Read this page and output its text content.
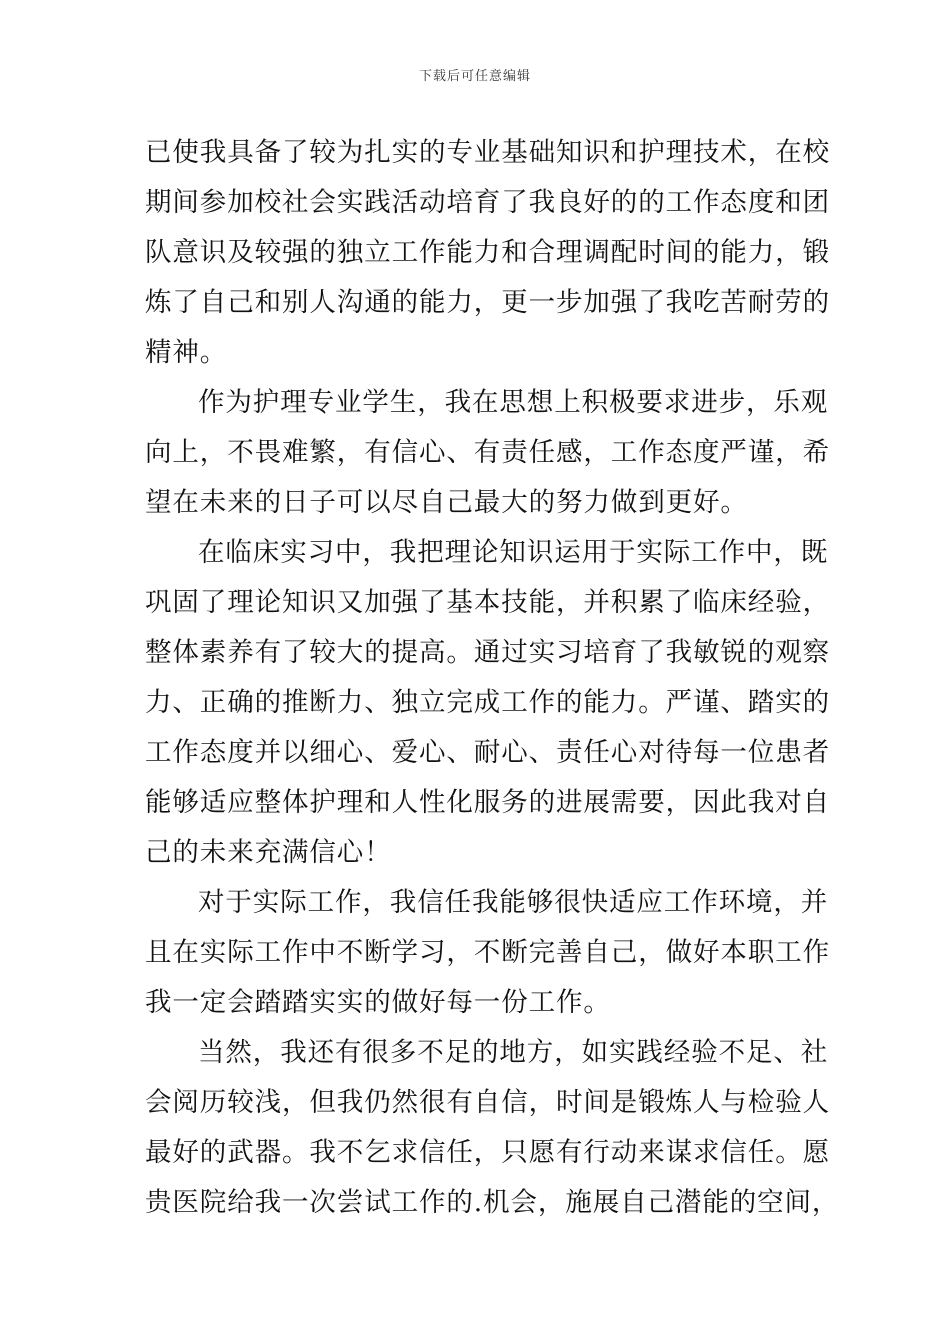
下载后可任意编辑
已使我具备了较为扎实的专业基础知识和护理技术，在校
期间参加校社会实践活动培育了我良好的的工作态度和团
队意识及较强的独立工作能力和合理调配时间的能力，锻
炼了自己和别人沟通的能力，更一步加强了我吃苦耐劳的
精神。
作为护理专业学生，我在思想上积极要求进步，乐观
向上，不畏难繁，有信心、有责任感，工作态度严谨，希
望在未来的日子可以尽自己最大的努力做到更好。
在临床实习中，我把理论知识运用于实际工作中，既
巩固了理论知识又加强了基本技能，并积累了临床经验，
整体素养有了较大的提高。通过实习培育了我敏锐的观察
力、正确的推断力、独立完成工作的能力。严谨、踏实的
工作态度并以细心、爱心、耐心、责任心对待每一位患者
能够适应整体护理和人性化服务的进展需要，因此我对自
己的未来充满信心！
对于实际工作，我信任我能够很快适应工作环境，并
且在实际工作中不断学习，不断完善自己，做好本职工作
我一定会踏踏实实的做好每一份工作。
当然，我还有很多不足的地方，如实践经验不足、社
会阅历较浅，但我仍然很有自信，时间是锻炼人与检验人
最好的武器。我不乞求信任，只愿有行动来谋求信任。愿
贵医院给我一次尝试工作的.机会，施展自己潜能的空间，
